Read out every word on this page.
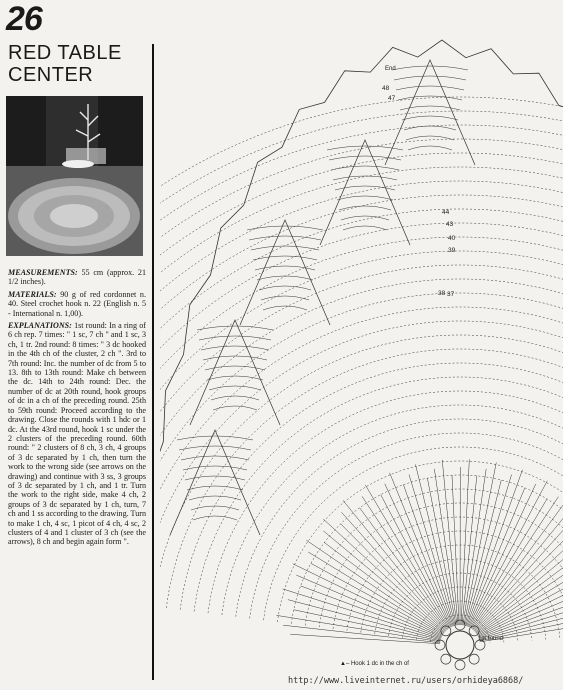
26
RED TABLE
CENTER

MEASUREMENTS: 55 cm (approx. 21 1/2 inches).

MATERIALS: 90 g of red cordonnet n. 40. Steel crochet hook n. 22 (English n. 5 - International n. 1,00).

EXPLANATIONS: 1st round: In a ring of 6 ch rep. 7 times: " 1 sc, 7 ch " and 1 sc, 3 ch, 1 tr. 2nd round: 8 times: " 3 dc hooked in the 4th ch of the cluster, 2 ch ". 3rd to 7th round: Inc. the number of dc from 5 to 13. 8th to 13th round: Make ch between the dc. 14th to 24th round: Dec. the number of dc at 20th round, hook groups of dc in a ch of the preceding round. 25th to 59th round: Proceed according to the drawing. Close the rounds with 1 hdc or 1 dc. At the 43rd round, hook 1 sc under the 2 clusters of the preceding round. 60th round: " 2 clusters of 8 ch, 3 ch, 4 groups of 3 dc separated by 1 ch, then turn the work to the wrong side (see arrows on the drawing) and continue with 3 ss, 3 groups of 3 dc separated by 1 ch, and 1 tr. Turn the work to the right side, make 4 ch, 2 groups of 3 dc separated by 1 ch, turn, 7 ch and 1 ss according to the drawing. Turn to make 1 ch, 4 sc, 1 picot of 4 ch, 4 sc, 2 clusters of 4 and 1 cluster of 3 ch (see the arrows), 8 ch and begin again form ".

End
1st round
48
47
44
43
40
39
38 37
▲– Hook 1 dc in the ch of
http://www.liveinternet.ru/users/orhideya6868/
